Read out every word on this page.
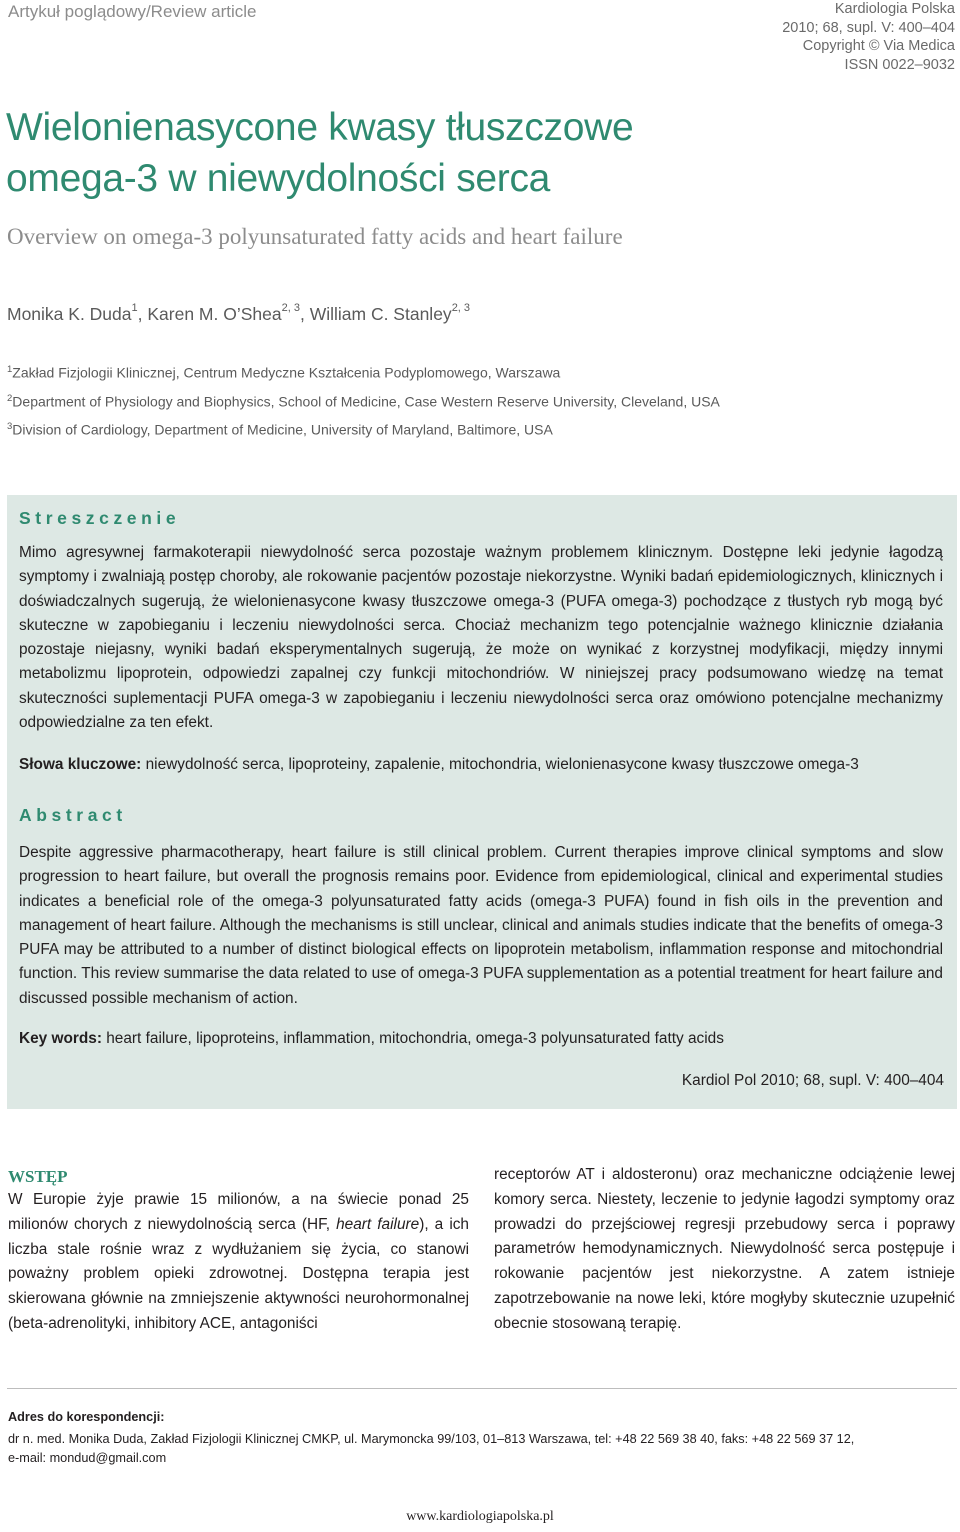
Artykuł poglądowy/Review article	Kardiologia Polska
2010; 68, supl. V: 400–404
Copyright © Via Medica
ISSN 0022–9032
Wielonienasycone kwasy tłuszczowe omega-3 w niewydolności serca
Overview on omega-3 polyunsaturated fatty acids and heart failure
Monika K. Duda$^1$, Karen M. O’Shea$^{2, 3}$, William C. Stanley$^{2, 3}$
$^1$Zakład Fizjologii Klinicznej, Centrum Medyczne Kształcenia Podyplomowego, Warszawa
$^2$Department of Physiology and Biophysics, School of Medicine, Case Western Reserve University, Cleveland, USA
$^3$Division of Cardiology, Department of Medicine, University of Maryland, Baltimore, USA
Streszczenie
Mimo agresywnej farmakoterapii niewydolność serca pozostaje ważnym problemem klinicznym. Dostępne leki jedynie łagodzą symptomy i zwalniają postęp choroby, ale rokowanie pacjentów pozostaje niekorzystne. Wyniki badań epidemiologicznych, klinicznych i doświadczalnych sugerują, że wielonienasycone kwasy tłuszczowe omega-3 (PUFA omega-3) pochodzące z tłustych ryb mogą być skuteczne w zapobieganiu i leczeniu niewydolności serca. Chociaż mechanizm tego potencjalnie ważnego klinicznie działania pozostaje niejasny, wyniki badań eksperymentalnych sugerują, że może on wynikać z korzystnej modyfikacji, między innymi metabolizmu lipoprotein, odpowiedzi zapalnej czy funkcji mitochondriów. W niniejszej pracy podsumowano wiedzę na temat skuteczności suplementacji PUFA omega-3 w zapobieganiu i leczeniu niewydolności serca oraz omówiono potencjalne mechanizmy odpowiedzialne za ten efekt.
Słowa kluczowe: niewydolność serca, lipoproteiny, zapalenie, mitochondria, wielonienasycone kwasy tłuszczowe omega-3
Abstract
Despite aggressive pharmacotherapy, heart failure is still clinical problem. Current therapies improve clinical symptoms and slow progression to heart failure, but overall the prognosis remains poor. Evidence from epidemiological, clinical and experimental studies indicates a beneficial role of the omega-3 polyunsaturated fatty acids (omega-3 PUFA) found in fish oils in the prevention and management of heart failure. Although the mechanisms is still unclear, clinical and animals studies indicate that the benefits of omega-3 PUFA may be attributed to a number of distinct biological effects on lipoprotein metabolism, inflammation response and mitochondrial function. This review summarise the data related to use of omega-3 PUFA supplementation as a potential treatment for heart failure and discussed possible mechanism of action.
Key words: heart failure, lipoproteins, inflammation, mitochondria, omega-3 polyunsaturated fatty acids
Kardiol Pol 2010; 68, supl. V: 400–404
WSTĘP
W Europie żyje prawie 15 milionów, a na świecie ponad 25 milionów chorych z niewydolnością serca (HF, heart failure), a ich liczba stale rośnie wraz z wydłużaniem się życia, co stanowi poważny problem opieki zdrowotnej. Dostępna terapia jest skierowana głównie na zmniejszenie aktywności neurohormonalnej (beta-adrenolityki, inhibitory ACE, antagoniści
receptorów AT i aldosteronu) oraz mechaniczne odciążenie lewej komory serca. Niestety, leczenie to jedynie łagodzi symptomy oraz prowadzi do przejściowej regresji przebudowy serca i poprawy parametrów hemodynamicznych. Niewydolność serca postępuje i rokowanie pacjentów jest niekorzystne. A zatem istnieje zapotrzebowanie na nowe leki, które mogłyby skutecznie uzupełnić obecnie stosowaną terapię.
Adres do korespondencji:
dr n. med. Monika Duda, Zakład Fizjologii Klinicznej CMKP, ul. Marymoncka 99/103, 01–813 Warszawa, tel: +48 22 569 38 40, faks: +48 22 569 37 12,
e-mail: mondud@gmail.com
www.kardiologiapolska.pl
